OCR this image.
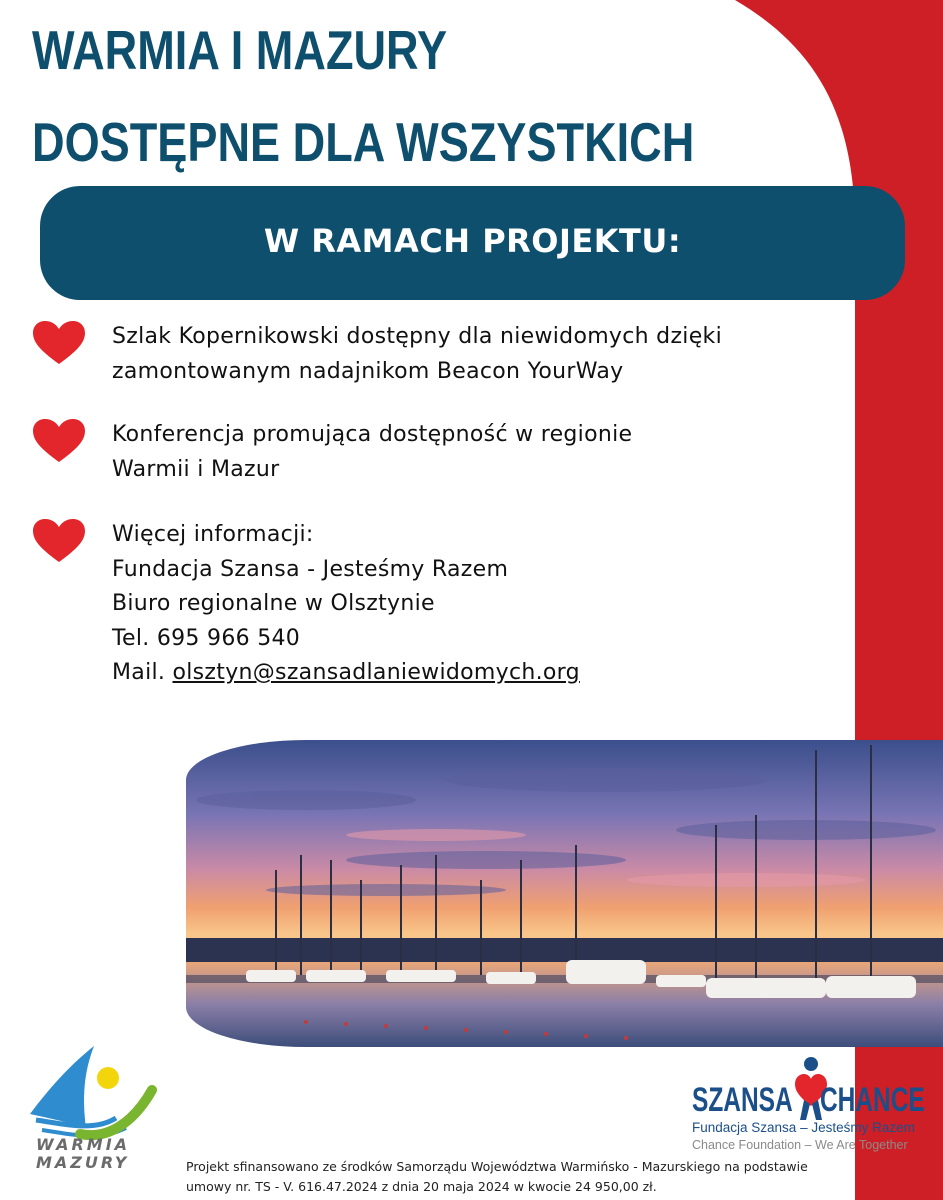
WARMIA I MAZURY
DOSTĘPNE DLA WSZYSTKICH
W RAMACH PROJEKTU:
Szlak Kopernikowski dostępny dla niewidomych dzięki
zamontowanym nadajnikom Beacon YourWay
Konferencja promująca dostępność w regionie
Warmii i Mazur
Więcej informacji:
Fundacja Szansa - Jesteśmy Razem
Biuro regionalne w Olsztynie
Tel. 695 966 540
Mail. olsztyn@szansadlaniewidomych.org
WARMIA
MAZURY
SZANSA CHANCE
Fundacja Szansa – Jesteśmy Razem
Chance Foundation – We Are Together
Projekt sfinansowano ze środków Samorządu Województwa Warmińsko - Mazurskiego na podstawie
umowy nr. TS - V. 616.47.2024 z dnia 20 maja 2024 w kwocie 24 950,00 zł.
